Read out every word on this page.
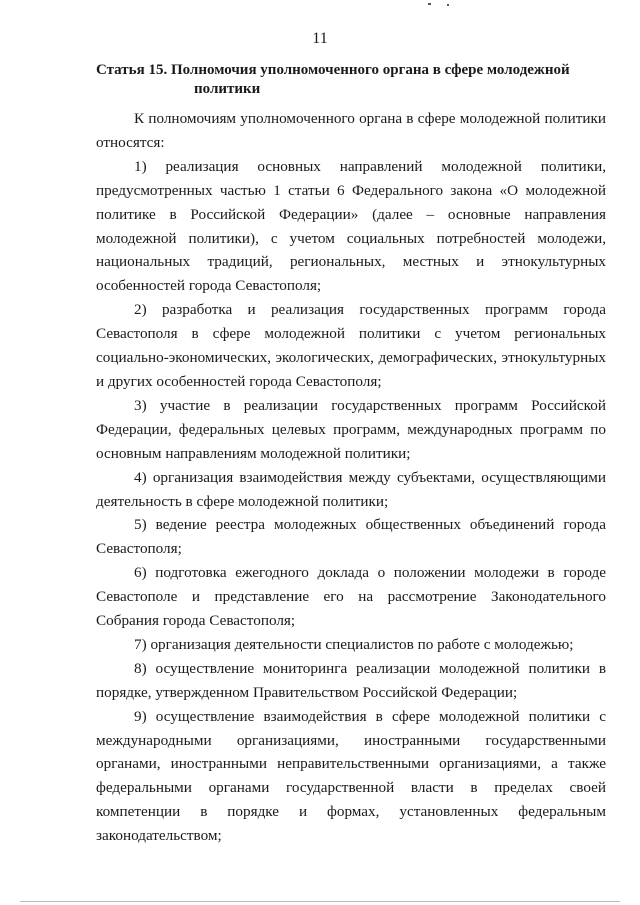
11
Статья 15. Полномочия уполномоченного органа в сфере молодежной
политики

К полномочиям уполномоченного органа в сфере молодежной политики относятся:

1) реализация основных направлений молодежной политики, предусмотренных частью 1 статьи 6 Федерального закона «О молодежной политике в Российской Федерации» (далее – основные направления молодежной политики), с учетом социальных потребностей молодежи, национальных традиций, региональных, местных и этнокультурных особенностей города Севастополя;

2) разработка и реализация государственных программ города Севастополя в сфере молодежной политики с учетом региональных социально-экономических, экологических, демографических, этнокультурных и других особенностей города Севастополя;

3) участие в реализации государственных программ Российской Федерации, федеральных целевых программ, международных программ по основным направлениям молодежной политики;

4) организация взаимодействия между субъектами, осуществляющими деятельность в сфере молодежной политики;

5) ведение реестра молодежных общественных объединений города Севастополя;

6) подготовка ежегодного доклада о положении молодежи в городе Севастополе и представление его на рассмотрение Законодательного Собрания города Севастополя;

7) организация деятельности специалистов по работе с молодежью;

8) осуществление мониторинга реализации молодежной политики в порядке, утвержденном Правительством Российской Федерации;

9) осуществление взаимодействия в сфере молодежной политики с международными организациями, иностранными государственными органами, иностранными неправительственными организациями, а также федеральными органами государственной власти в пределах своей компетенции в порядке и формах, установленных федеральным законодательством;
